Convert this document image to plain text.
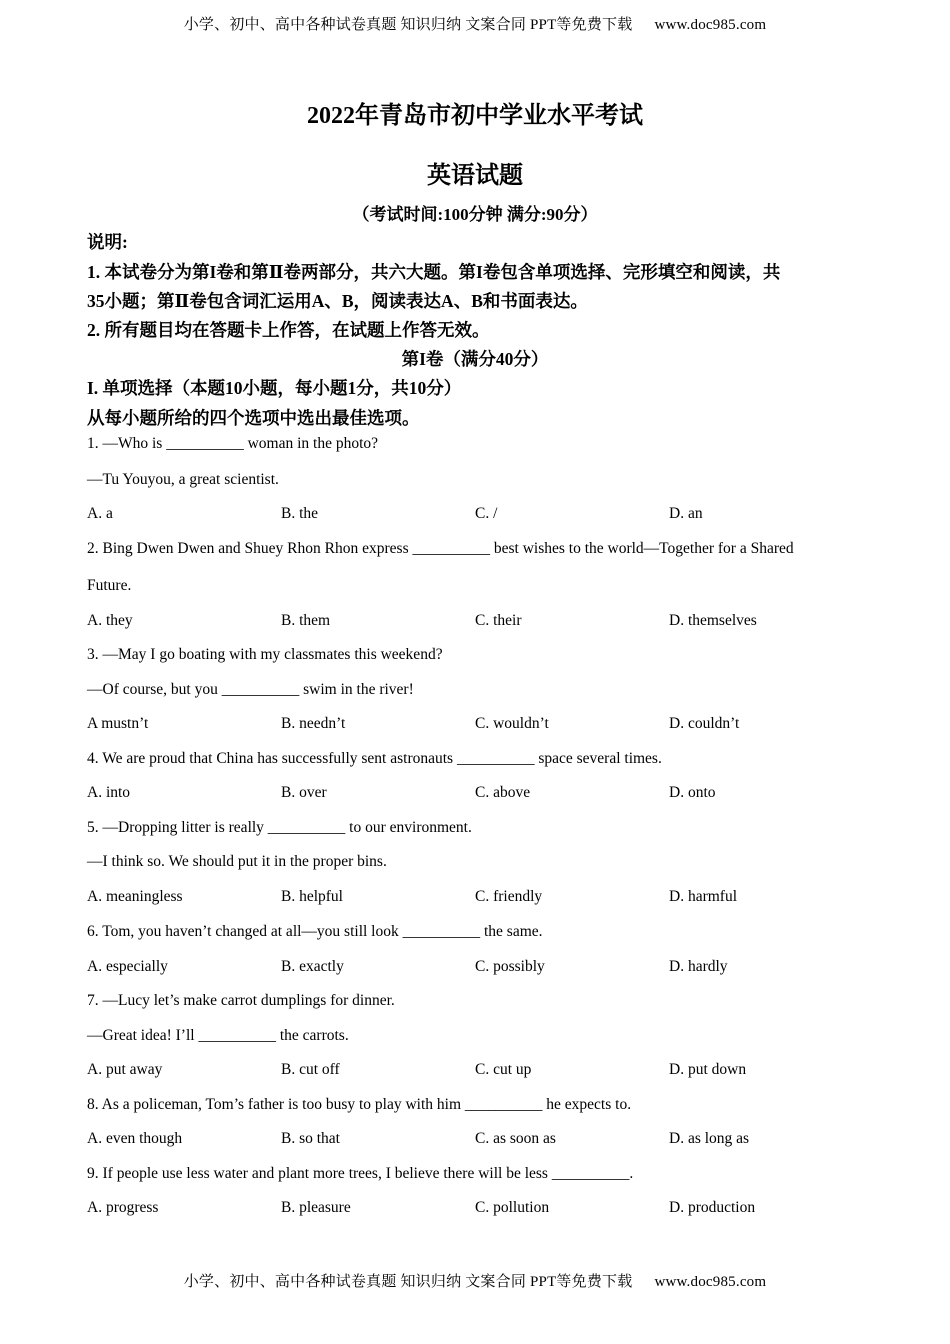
小学、初中、高中各种试卷真题 知识归纳 文案合同 PPT等免费下载 www.doc985.com
2022年青岛市初中学业水平考试
英语试题
（考试时间:100分钟 满分:90分）
说明:
1. 本试卷分为第I卷和第Ⅱ卷两部分，共六大题。第I卷包含单项选择、完形填空和阅读，共
35小题；第Ⅱ卷包含词汇运用A、B，阅读表达A、B和书面表达。
2. 所有题目均在答题卡上作答，在试题上作答无效。
第I卷（满分40分）
I. 单项选择（本题10小题，每小题1分，共10分）
从每小题所给的四个选项中选出最佳选项。
1. —Who is __________ woman in the photo?
—Tu Youyou, a great scientist.
A. a	B. the	C. /	D. an
2. Bing Dwen Dwen and Shuey Rhon Rhon express __________ best wishes to the world—Together for a Shared
Future.
A. they	B. them	C. their	D. themselves
3. —May I go boating with my classmates this weekend?
—Of course, but you __________ swim in the river!
A mustn’t	B. needn’t	C. wouldn’t	D. couldn’t
4. We are proud that China has successfully sent astronauts __________ space several times.
A. into	B. over	C. above	D. onto
5. —Dropping litter is really __________ to our environment.
—I think so. We should put it in the proper bins.
A. meaningless	B. helpful	C. friendly	D. harmful
6. Tom, you haven’t changed at all—you still look __________ the same.
A. especially	B. exactly	C. possibly	D. hardly
7. —Lucy let’s make carrot dumplings for dinner.
—Great idea! I’ll __________ the carrots.
A. put away	B. cut off	C. cut up	D. put down
8. As a policeman, Tom’s father is too busy to play with him __________ he expects to.
A. even though	B. so that	C. as soon as	D. as long as
9. If people use less water and plant more trees, I believe there will be less __________.
A. progress	B. pleasure	C. pollution	D. production
小学、初中、高中各种试卷真题 知识归纳 文案合同 PPT等免费下载 www.doc985.com
